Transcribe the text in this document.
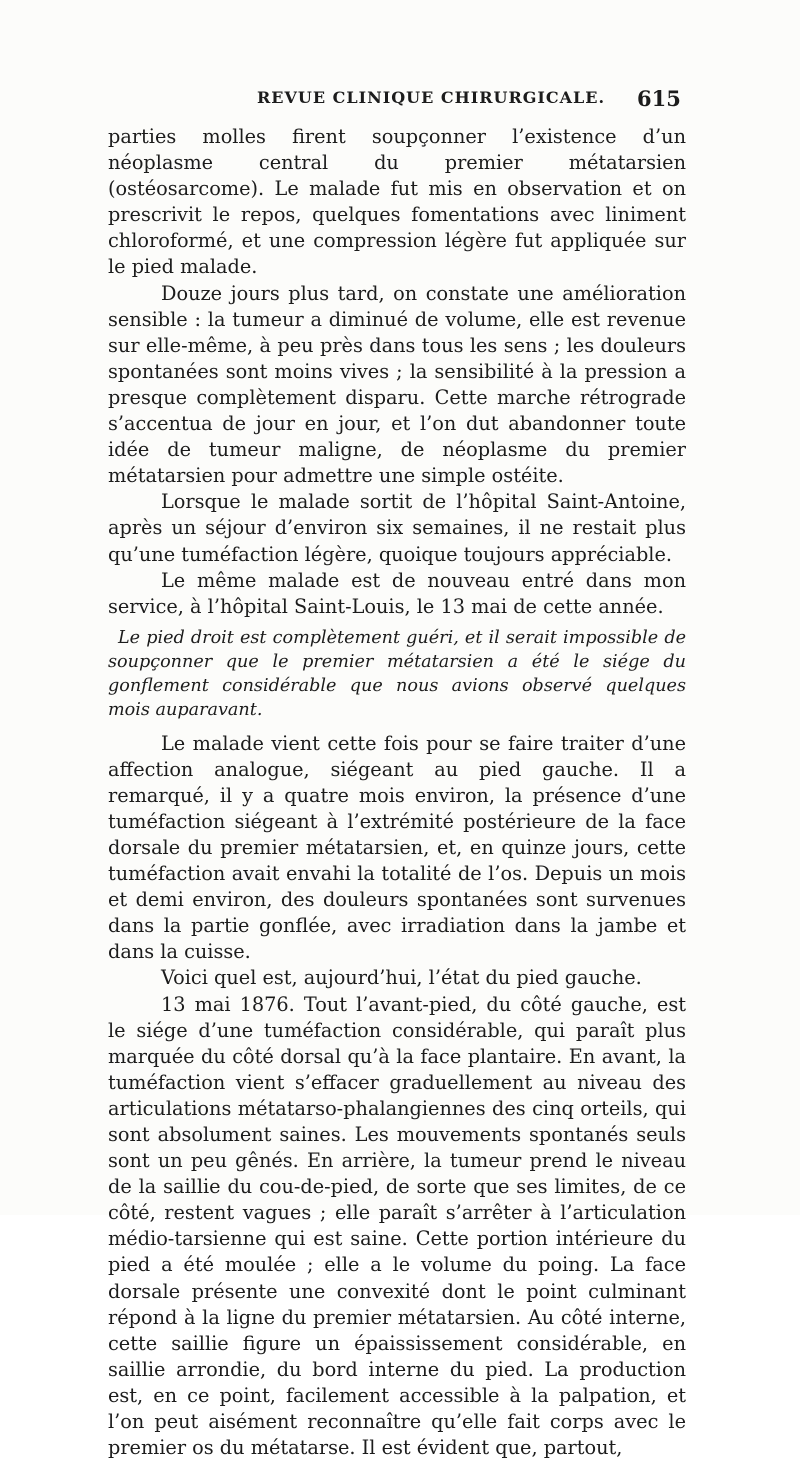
REVUE CLINIQUE CHIRURGICALE. 615

parties molles firent soupçonner l’existence d’un néoplasme central du premier métatarsien (ostéosarcome). Le malade fut mis en observation et on prescrivit le repos, quelques fomentations avec liniment chloroformé, et une compression légère fut appliquée sur le pied malade.

Douze jours plus tard, on constate une amélioration sensible : la tumeur a diminué de volume, elle est revenue sur elle-même, à peu près dans tous les sens ; les douleurs spontanées sont moins vives ; la sensibilité à la pression a presque complètement disparu. Cette marche rétrograde s’accentua de jour en jour, et l’on dut abandonner toute idée de tumeur maligne, de néoplasme du premier métatarsien pour admettre une simple ostéite.

Lorsque le malade sortit de l’hôpital Saint-Antoine, après un séjour d’environ six semaines, il ne restait plus qu’une tuméfaction légère, quoique toujours appréciable.

Le même malade est de nouveau entré dans mon service, à l’hôpital Saint-Louis, le 13 mai de cette année.

Le pied droit est complètement guéri, et il serait impossible de soupçonner que le premier métatarsien a été le siége du gonflement considérable que nous avions observé quelques mois auparavant.

Le malade vient cette fois pour se faire traiter d’une affection analogue, siégeant au pied gauche. Il a remarqué, il y a quatre mois environ, la présence d’une tuméfaction siégeant à l’extrémité postérieure de la face dorsale du premier métatarsien, et, en quinze jours, cette tuméfaction avait envahi la totalité de l’os. Depuis un mois et demi environ, des douleurs spontanées sont survenues dans la partie gonflée, avec irradiation dans la jambe et dans la cuisse.

Voici quel est, aujourd’hui, l’état du pied gauche.

13 mai 1876. Tout l’avant-pied, du côté gauche, est le siége d’une tuméfaction considérable, qui paraît plus marquée du côté dorsal qu’à la face plantaire. En avant, la tuméfaction vient s’effacer graduellement au niveau des articulations métatarso-phalangiennes des cinq orteils, qui sont absolument saines. Les mouvements spontanés seuls sont un peu gênés. En arrière, la tumeur prend le niveau de la saillie du cou-de-pied, de sorte que ses limites, de ce côté, restent vagues ; elle paraît s’arrêter à l’articulation médio-tarsienne qui est saine. Cette portion intérieure du pied a été moulée ; elle a le volume du poing. La face dorsale présente une convexité dont le point culminant répond à la ligne du premier métatarsien. Au côté interne, cette saillie figure un épaississement considérable, en saillie arrondie, du bord interne du pied. La production est, en ce point, facilement accessible à la palpation, et l’on peut aisément reconnaître qu’elle fait corps avec le premier os du métatarse. Il est évident que, partout,
